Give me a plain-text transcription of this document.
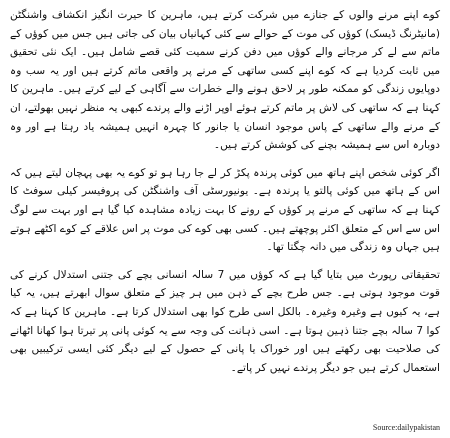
کوے اپنے مرنے والوں کے جنازے میں شرکت کرتے ہیں، ماہرین کا حیرت انگیز انکشاف واشنگٹن (مانیٹرنگ ڈیسک) کوؤں کی موت کے حوالے سے کئی کہانیاں بیان کی جاتی ہیں جس میں کوؤں کے ماتم سے لے کر مرجانے والے کوؤں میں دفن کرنے سمیت کئی قصے شامل ہیں۔ ایک نئی تحقیق میں ثابت کردیا ہے کہ کوے اپنے کسی ساتھی کے مرنے پر واقعی ماتم کرتے ہیں اور یہ سب وہ دوپایوں زندگی کو ممکنہ طور پر لاحق ہونے والے خطرات سے آگاہی کے لیے کرتے ہیں۔ ماہرین کا کہنا ہے کہ ساتھی کی لاش پر ماتم کرتے ہوئے اوپر اڑنے والے پرندے کبھی یہ منظر نہیں بھولتے، ان کے مرنے والے ساتھی کے پاس موجود انسان یا جانور کا چہرہ انہیں ہمیشہ یاد رہتا ہے اور وہ دوبارہ اس سے ہمیشہ بچنے کی کوشش کرتے ہیں۔

اگر کوئی شخص اپنے ہاتھ میں کوئی پرندہ پکڑ کر لے جا رہا ہو تو کوے یہ بھی پہچان لیتے ہیں کہ اس کے ہاتھ میں کوئی پالتو یا پرندہ ہے۔ یونیورسٹی آف واشنگٹن کی پروفیسر کیلی سوفٹ کا کہنا ہے کہ ساتھی کے مرنے پر کوؤں کے رونے کا بہت زیادہ مشاہدہ کیا گیا ہے اور بہت سے لوگ اس سے اس کے متعلق اکثر پوچھتے ہیں۔ کسی بھی کوے کی موت پر اس علاقے کے کوے اکٹھے ہوتے ہیں جہاں وہ زندگی میں دانہ چگتا تھا۔

تحقیقاتی رپورٹ میں بتایا گیا ہے کہ کوؤں میں 7 سالہ انسانی بچے کی جتنی استدلال کرنے کی قوت موجود ہوتی ہے۔ جس طرح بچے کے ذہن میں ہر چیز کے متعلق سوال ابھرتے ہیں، یہ کیا ہے، یہ کیوں ہے وغیرہ وغیرہ۔ بالکل اسی طرح کوا بھی استدلال کرتا ہے۔ ماہرین کا کہنا ہے کہ کوا 7 سالہ بچے جتنا ذہین ہوتا ہے۔ اسی ذہانت کی وجہ سے یہ کوئی پانی پر تیرتا ہوا کھانا اٹھانے کی صلاحیت بھی رکھتے ہیں اور خوراک یا پانی کے حصول کے لیے دیگر کئی ایسی ترکیبیں بھی استعمال کرتے ہیں جو دیگر پرندے نہیں کر پاتے۔

Source:dailypakistan
